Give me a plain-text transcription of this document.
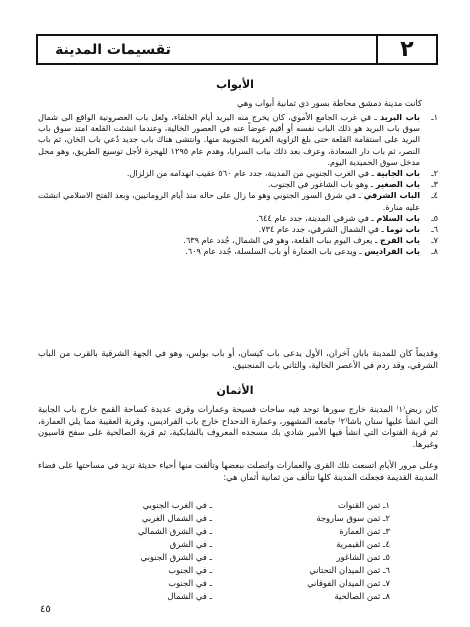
٢
تقسيمات المدينة
الأبواب
كانت مدينة دمشق محاطة بسور ذي ثمانية أبواب وهي
١ـ
باب البريد ـ في غرب الجامع الأموي، كان يخرج منه البريد أيام الخلفاء، ولعل باب العصرونية الواقع الى شمال سوق باب البريد هو ذلك الباب نفسه أو أقيم عوضاً عنه في العصور الخالية، وعندما انشئت القلعة امتد سوق باب البريد على استقامة القلعة حتى بلغ الزاوية الغربية الجنوبية منها. وانتشى هناك باب جديد دُعي باب الخان، ثم باب النصر، ثم باب دار السعادة، وعرف بعد ذلك بباب السرايا، وهدم عام ١٢٩٥ للهجرة لأجل توسيع الطريق، وهو محل مدخل سوق الحميدية اليوم.
٢ـ
باب الجابية ـ في الغرب الجنوبي من المدينة، جدد عام ٥٦٠ عقيب انهدامه من الزلزال.
٣ـ
باب الصغير ـ وهو باب الشاغور في الجنوب.
٤ـ
الباب الشرقي ـ في شرق السور الجنوبي وهو ما زال على حاله منذ أيام الرومانيين، وبعد الفتح الاسلامي انشئت عليه منارة.
٥ـ
باب السلام ـ في شرقي المدينة، جدد عام ٦٤٤.
٦ـ
باب توما ـ في الشمال الشرقي، جدد عام ٧٣٤.
٧ـ
باب الفرج ـ يعرف اليوم بباب القلعة، وهو في الشمال، جُدد عام ٦٣٩.
٨ـ
باب الفراديس ـ ويدعى باب العمارة أو باب السلسلة، جُدد عام ٦٠٩.
وقديماً كان للمدينة بابان آخران، الأول يدعى باب كيسان، أو باب بولس، وهو في الجهة الشرقية بالقرب من الباب الشرقي، وقد ردم في الأعصر الخالية، والثاني باب المنجنيق.
الأثمان
كان ربض⁽١⁾ المدينة خارج سورها توجد فيه ساحات فسيحة وعمارات وقرى عديدة كساحة القمح خارج باب الجابية التي انشأ عليها سنان باشا⁽٢⁾ جامعه المشهور، وعمارة الدحداح خارج باب الفراديس، وقرية العقيبة مما يلي العمارة، ثم قرية القنوات التي انشأ فيها الأمير شادي بك مسجده المعروف بالشابكية، ثم قرية الصالحية على سفح قاسيون وغيرها.
وعلى مرور الأيام اتسعت تلك القرى والعمارات واتصلت ببعضها وتألفت منها أحياء حديثة تزيد في مساحتها على فضاء المدينة القديمة فجعلت المدينة كلها تتألف من ثمانية أثمان هي:
١ـ ثمن القنوات
ـ في الغرب الجنوبي
٢ـ ثمن سوق ساروجة
ـ في الشمال الغربي
٣ـ ثمن العمارة
ـ في الشرق الشمالي
٤ـ ثمن القيمرية
ـ في الشرق
٥ـ ثمن الشاغور
ـ في الشرق الجنوبي
٦ـ ثمن الميدان التحتاني
ـ في الجنوب
٧ـ ثمن الميدان الفوقاني
ـ في الجنوب
٨ـ ثمن الصالحية
ـ في الشمال
٤٥
